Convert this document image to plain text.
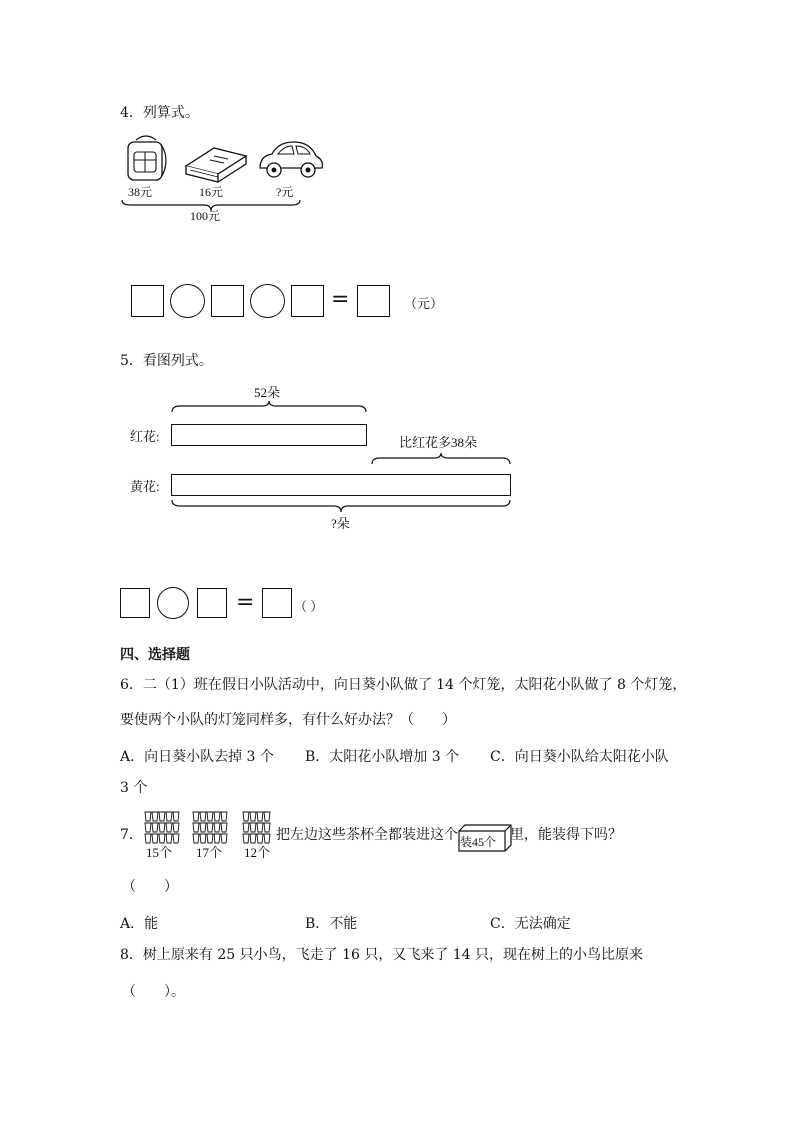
4．列算式。
38元	16元	?元
100元
=	（元）
5．看图列式。
52朵
红花:	比红花多38朵
黄花:
?朵
=	（ ）
四、选择题
6．二（1）班在假日小队活动中，向日葵小队做了 14 个灯笼，太阳花小队做了 8 个灯笼，
要使两个小队的灯笼同样多，有什么好办法？（　　）
A．向日葵小队去掉 3 个 B．太阳花小队增加 3 个 C．向日葵小队给太阳花小队
3 个
7．
15个 17个 12个
把左边这些茶杯全都装进这个 装45个 里，能装得下吗？
（　　）
A．能	B．不能	C．无法确定
8．树上原来有 25 只小鸟，飞走了 16 只，又飞来了 14 只，现在树上的小鸟比原来
（　　）。
